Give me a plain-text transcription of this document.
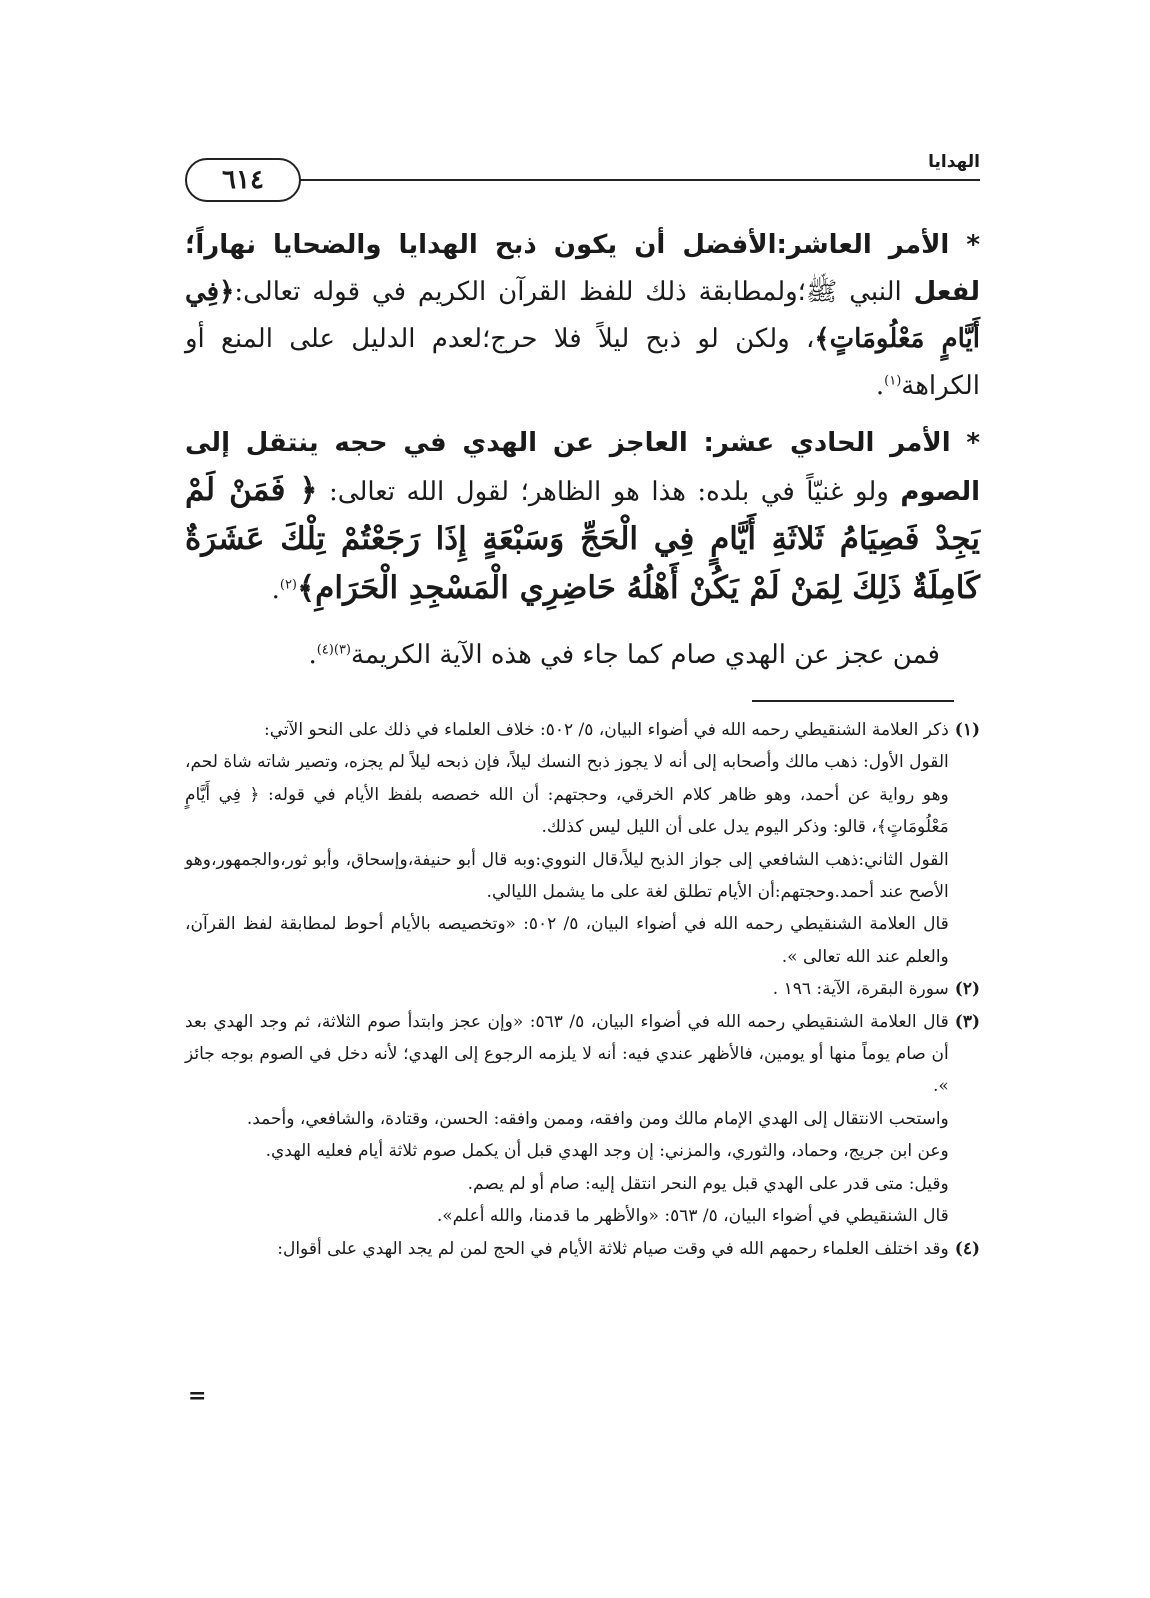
٦١٤
الهدايا

* الأمر العاشر:الأفضل أن يكون ذبح الهدايا والضحايا نهاراً؛لفعل النبي ﷺ؛ولمطابقة ذلك للفظ القرآن الكريم في قوله تعالى:﴿فِي أَيَّامٍ مَعْلُومَاتٍ﴾، ولكن لو ذبح ليلاً فلا حرج؛لعدم الدليل على المنع أو الكراهة$^{(١)}$.

* الأمر الحادي عشر: العاجز عن الهدي في حجه ينتقل إلى الصوم ولو غنيّاً في بلده: هذا هو الظاهر؛ لقول الله تعالى: ﴿ فَمَنْ لَمْ يَجِدْ فَصِيَامُ ثَلاثَةِ أَيَّامٍ فِي الْحَجِّ وَسَبْعَةٍ إِذَا رَجَعْتُمْ تِلْكَ عَشَرَةٌ كَامِلَةٌ ذَلِكَ لِمَنْ لَمْ يَكُنْ أَهْلُهُ حَاضِرِي الْمَسْجِدِ الْحَرَامِ﴾$^{(٢)}$.

فمن عجز عن الهدي صام كما جاء في هذه الآية الكريمة$^{(٣)(٤)}$.

(١)

ذكر العلامة الشنقيطي رحمه الله في أضواء البيان، ٥/ ٥٠٢: خلاف العلماء في ذلك على النحو الآتي:

القول الأول: ذهب مالك وأصحابه إلى أنه لا يجوز ذبح النسك ليلاً، فإن ذبحه ليلاً لم يجزه، وتصير شاته شاة لحم، وهو رواية عن أحمد، وهو ظاهر كلام الخرقي، وحجتهم: أن الله خصصه بلفظ الأيام في قوله: ﴿ فِي أَيَّامٍ مَعْلُومَاتٍ﴾، قالو: وذكر اليوم يدل على أن الليل ليس كذلك.

القول الثاني:ذهب الشافعي إلى جواز الذبح ليلاً،قال النووي:وبه قال أبو حنيفة،وإسحاق، وأبو ثور،والجمهور،وهو الأصح عند أحمد.وحجتهم:أن الأيام تطلق لغة على ما يشمل الليالي.

قال العلامة الشنقيطي رحمه الله في أضواء البيان، ٥/ ٥٠٢: «وتخصيصه بالأيام أحوط لمطابقة لفظ القرآن، والعلم عند الله تعالى ».

(٢)

سورة البقرة، الآية: ١٩٦ .

(٣)

قال العلامة الشنقيطي رحمه الله في أضواء البيان، ٥/ ٥٦٣: «وإن عجز وابتدأ صوم الثلاثة، ثم وجد الهدي بعد أن صام يوماً منها أو يومين، فالأظهر عندي فيه: أنه لا يلزمه الرجوع إلى الهدي؛ لأنه دخل في الصوم بوجه جائز ».

واستحب الانتقال إلى الهدي الإمام مالك ومن وافقه، وممن وافقه: الحسن، وقتادة، والشافعي، وأحمد.

وعن ابن جريج، وحماد، والثوري، والمزني: إن وجد الهدي قبل أن يكمل صوم ثلاثة أيام فعليه الهدي.

وقيل: متى قدر على الهدي قبل يوم النحر انتقل إليه: صام أو لم يصم.

قال الشنقيطي في أضواء البيان، ٥/ ٥٦٣: «والأظهر ما قدمنا، والله أعلم».

(٤)

وقد اختلف العلماء رحمهم الله في وقت صيام ثلاثة الأيام في الحج لمن لم يجد الهدي على أقوال:

=
